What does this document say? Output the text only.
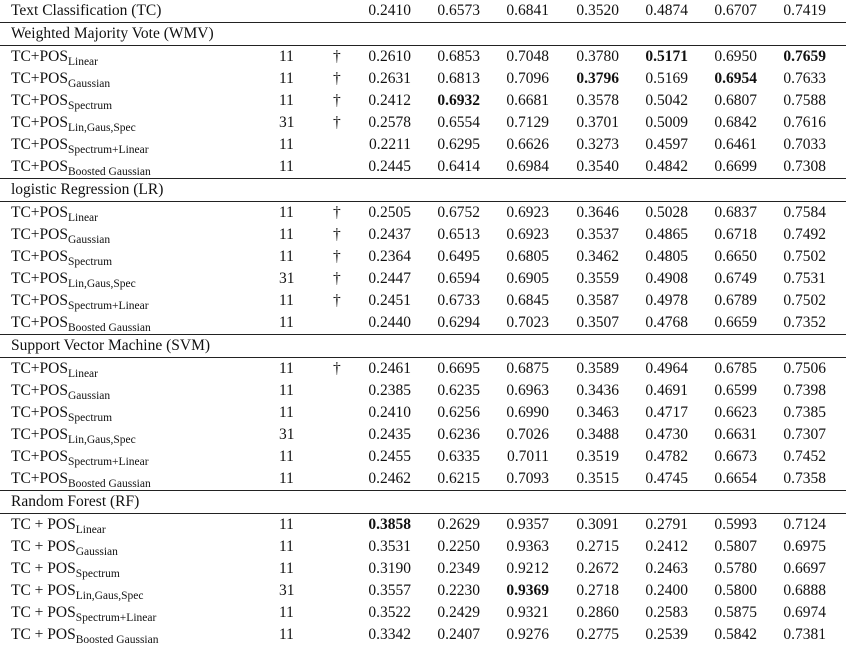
Text Classification (TC)			0.2410	0.6573	0.6841	0.3520	0.4874	0.6707	0.7419	
Weighted Majority Vote (WMV)										
$TC+POS_{Linear}$	11	†	0.2610	0.6853	0.7048	0.3780	0.5171	0.6950	0.7659	
$TC+POS_{Gaussian}$	11	†	0.2631	0.6813	0.7096	0.3796	0.5169	0.6954	0.7633	
$TC+POS_{Spectrum}$	11	†	0.2412	0.6932	0.6681	0.3578	0.5042	0.6807	0.7588	
$TC+POS_{Lin,Gaus,Spec}$	31	†	0.2578	0.6554	0.7129	0.3701	0.5009	0.6842	0.7616	
$TC+POS_{Spectrum+Linear}$	11		0.2211	0.6295	0.6626	0.3273	0.4597	0.6461	0.7033	
$TC+POS_{Boosted Gaussian}$	11		0.2445	0.6414	0.6984	0.3540	0.4842	0.6699	0.7308	
logistic Regression (LR)										
$TC+POS_{Linear}$	11	†	0.2505	0.6752	0.6923	0.3646	0.5028	0.6837	0.7584	
$TC+POS_{Gaussian}$	11	†	0.2437	0.6513	0.6923	0.3537	0.4865	0.6718	0.7492	
$TC+POS_{Spectrum}$	11	†	0.2364	0.6495	0.6805	0.3462	0.4805	0.6650	0.7502	
$TC+POS_{Lin,Gaus,Spec}$	31	†	0.2447	0.6594	0.6905	0.3559	0.4908	0.6749	0.7531	
$TC+POS_{Spectrum+Linear}$	11	†	0.2451	0.6733	0.6845	0.3587	0.4978	0.6789	0.7502	
$TC+POS_{Boosted Gaussian}$	11		0.2440	0.6294	0.7023	0.3507	0.4768	0.6659	0.7352	
Support Vector Machine (SVM)										
$TC+POS_{Linear}$	11	†	0.2461	0.6695	0.6875	0.3589	0.4964	0.6785	0.7506	
$TC+POS_{Gaussian}$	11		0.2385	0.6235	0.6963	0.3436	0.4691	0.6599	0.7398	
$TC+POS_{Spectrum}$	11		0.2410	0.6256	0.6990	0.3463	0.4717	0.6623	0.7385	
$TC+POS_{Lin,Gaus,Spec}$	31		0.2435	0.6236	0.7026	0.3488	0.4730	0.6631	0.7307	
$TC+POS_{Spectrum+Linear}$	11		0.2455	0.6335	0.7011	0.3519	0.4782	0.6673	0.7452	
$TC+POS_{Boosted Gaussian}$	11		0.2462	0.6215	0.7093	0.3515	0.4745	0.6654	0.7358	
Random Forest (RF)										
TC + $POS_{Linear}$	11		0.3858	0.2629	0.9357	0.3091	0.2791	0.5993	0.7124	
TC + $POS_{Gaussian}$	11		0.3531	0.2250	0.9363	0.2715	0.2412	0.5807	0.6975	
TC + $POS_{Spectrum}$	11		0.3190	0.2349	0.9212	0.2672	0.2463	0.5780	0.6697	
TC + $POS_{Lin,Gaus,Spec}$	31		0.3557	0.2230	0.9369	0.2718	0.2400	0.5800	0.6888	
TC + $POS_{Spectrum+Linear}$	11		0.3522	0.2429	0.9321	0.2860	0.2583	0.5875	0.6974	
TC + $POS_{Boosted Gaussian}$	11		0.3342	0.2407	0.9276	0.2775	0.2539	0.5842	0.7381	
